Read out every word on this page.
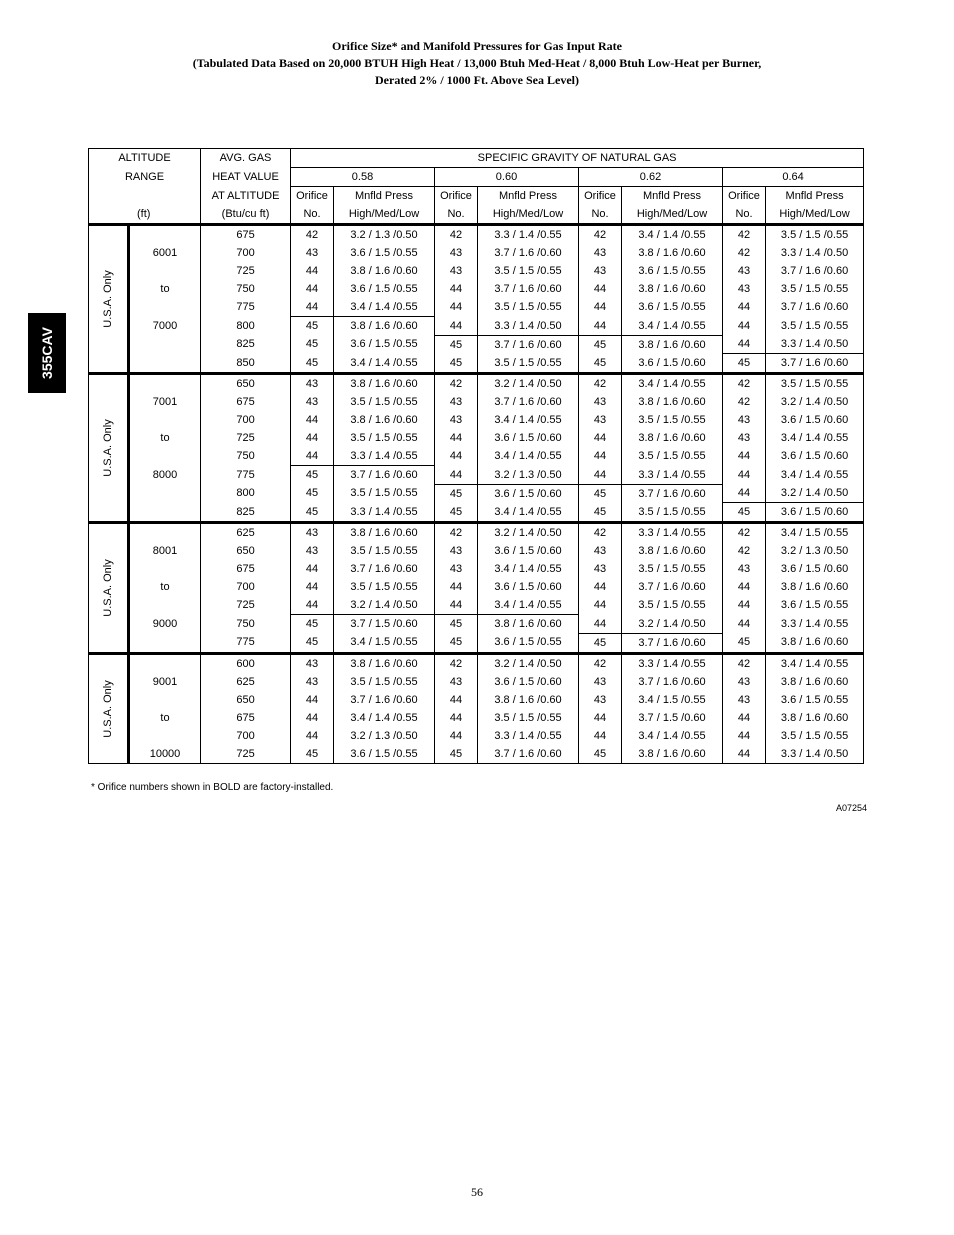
Orifice Size* and Manifold Pressures for Gas Input Rate
(Tabulated Data Based on 20,000 BTUH High Heat / 13,000 Btuh Med-Heat / 8,000 Btuh Low-Heat per Burner,
Derated 2% / 1000 Ft. Above Sea Level)
355CAV
ALTITUDE		AVG. GAS	SPECIFIC GRAVITY OF NATURAL GAS							
RANGE		HEAT VALUE	0.58		0.60		0.62		0.64	
		AT ALTITUDE	Orifice	Mnfld Press	Orifice	Mnfld Press	Orifice	Mnfld Press	Orifice	Mnfld Press
(ft)		(Btu/cu ft)	No.	High/Med/Low	No.	High/Med/Low	No.	High/Med/Low	No.	High/Med/Low

U.S.A. Only		675	42	3.2 / 1.3 /0.50	42	3.3 / 1.4 /0.55	42	3.4 / 1.4 /0.55	42	3.5 / 1.5 /0.55
	6001	700	43	3.6 / 1.5 /0.55	43	3.7 / 1.6 /0.60	43	3.8 / 1.6 /0.60	42	3.3 / 1.4 /0.50
		725	44	3.8 / 1.6 /0.60	43	3.5 / 1.5 /0.55	43	3.6 / 1.5 /0.55	43	3.7 / 1.6 /0.60
	to	750	44	3.6 / 1.5 /0.55	44	3.7 / 1.6 /0.60	44	3.8 / 1.6 /0.60	43	3.5 / 1.5 /0.55
		775	44	3.4 / 1.4 /0.55	44	3.5 / 1.5 /0.55	44	3.6 / 1.5 /0.55	44	3.7 / 1.6 /0.60
	7000	800	45	3.8 / 1.6 /0.60	44	3.3 / 1.4 /0.50	44	3.4 / 1.4 /0.55	44	3.5 / 1.5 /0.55
		825	45	3.6 / 1.5 /0.55	45	3.7 / 1.6 /0.60	45	3.8 / 1.6 /0.60	44	3.3 / 1.4 /0.50
		850	45	3.4 / 1.4 /0.55	45	3.5 / 1.5 /0.55	45	3.6 / 1.5 /0.60	45	3.7 / 1.6 /0.60

U.S.A. Only		650	43	3.8 / 1.6 /0.60	42	3.2 / 1.4 /0.50	42	3.4 / 1.4 /0.55	42	3.5 / 1.5 /0.55
	7001	675	43	3.5 / 1.5 /0.55	43	3.7 / 1.6 /0.60	43	3.8 / 1.6 /0.60	42	3.2 / 1.4 /0.50
		700	44	3.8 / 1.6 /0.60	43	3.4 / 1.4 /0.55	43	3.5 / 1.5 /0.55	43	3.6 / 1.5 /0.60
	to	725	44	3.5 / 1.5 /0.55	44	3.6 / 1.5 /0.60	44	3.8 / 1.6 /0.60	43	3.4 / 1.4 /0.55
		750	44	3.3 / 1.4 /0.55	44	3.4 / 1.4 /0.55	44	3.5 / 1.5 /0.55	44	3.6 / 1.5 /0.60
	8000	775	45	3.7 / 1.6 /0.60	44	3.2 / 1.3 /0.50	44	3.3 / 1.4 /0.55	44	3.4 / 1.4 /0.55
		800	45	3.5 / 1.5 /0.55	45	3.6 / 1.5 /0.60	45	3.7 / 1.6 /0.60	44	3.2 / 1.4 /0.50
		825	45	3.3 / 1.4 /0.55	45	3.4 / 1.4 /0.55	45	3.5 / 1.5 /0.55	45	3.6 / 1.5 /0.60

U.S.A. Only		625	43	3.8 / 1.6 /0.60	42	3.2 / 1.4 /0.50	42	3.3 / 1.4 /0.55	42	3.4 / 1.5 /0.55
	8001	650	43	3.5 / 1.5 /0.55	43	3.6 / 1.5 /0.60	43	3.8 / 1.6 /0.60	42	3.2 / 1.3 /0.50
		675	44	3.7 / 1.6 /0.60	43	3.4 / 1.4 /0.55	43	3.5 / 1.5 /0.55	43	3.6 / 1.5 /0.60
	to	700	44	3.5 / 1.5 /0.55	44	3.6 / 1.5 /0.60	44	3.7 / 1.6 /0.60	44	3.8 / 1.6 /0.60
		725	44	3.2 / 1.4 /0.50	44	3.4 / 1.4 /0.55	44	3.5 / 1.5 /0.55	44	3.6 / 1.5 /0.55
	9000	750	45	3.7 / 1.5 /0.60	45	3.8 / 1.6 /0.60	44	3.2 / 1.4 /0.50	44	3.3 / 1.4 /0.55
		775	45	3.4 / 1.5 /0.55	45	3.6 / 1.5 /0.55	45	3.7 / 1.6 /0.60	45	3.8 / 1.6 /0.60

U.S.A. Only		600	43	3.8 / 1.6 /0.60	42	3.2 / 1.4 /0.50	42	3.3 / 1.4 /0.55	42	3.4 / 1.4 /0.55
	9001	625	43	3.5 / 1.5 /0.55	43	3.6 / 1.5 /0.60	43	3.7 / 1.6 /0.60	43	3.8 / 1.6 /0.60
		650	44	3.7 / 1.6 /0.60	44	3.8 / 1.6 /0.60	43	3.4 / 1.5 /0.55	43	3.6 / 1.5 /0.55
	to	675	44	3.4 / 1.4 /0.55	44	3.5 / 1.5 /0.55	44	3.7 / 1.5 /0.60	44	3.8 / 1.6 /0.60
		700	44	3.2 / 1.3 /0.50	44	3.3 / 1.4 /0.55	44	3.4 / 1.4 /0.55	44	3.5 / 1.5 /0.55
	10000	725	45	3.6 / 1.5 /0.55	45	3.7 / 1.6 /0.60	45	3.8 / 1.6 /0.60	44	3.3 / 1.4 /0.50
* Orifice numbers shown in BOLD are factory-installed.
A07254
56
